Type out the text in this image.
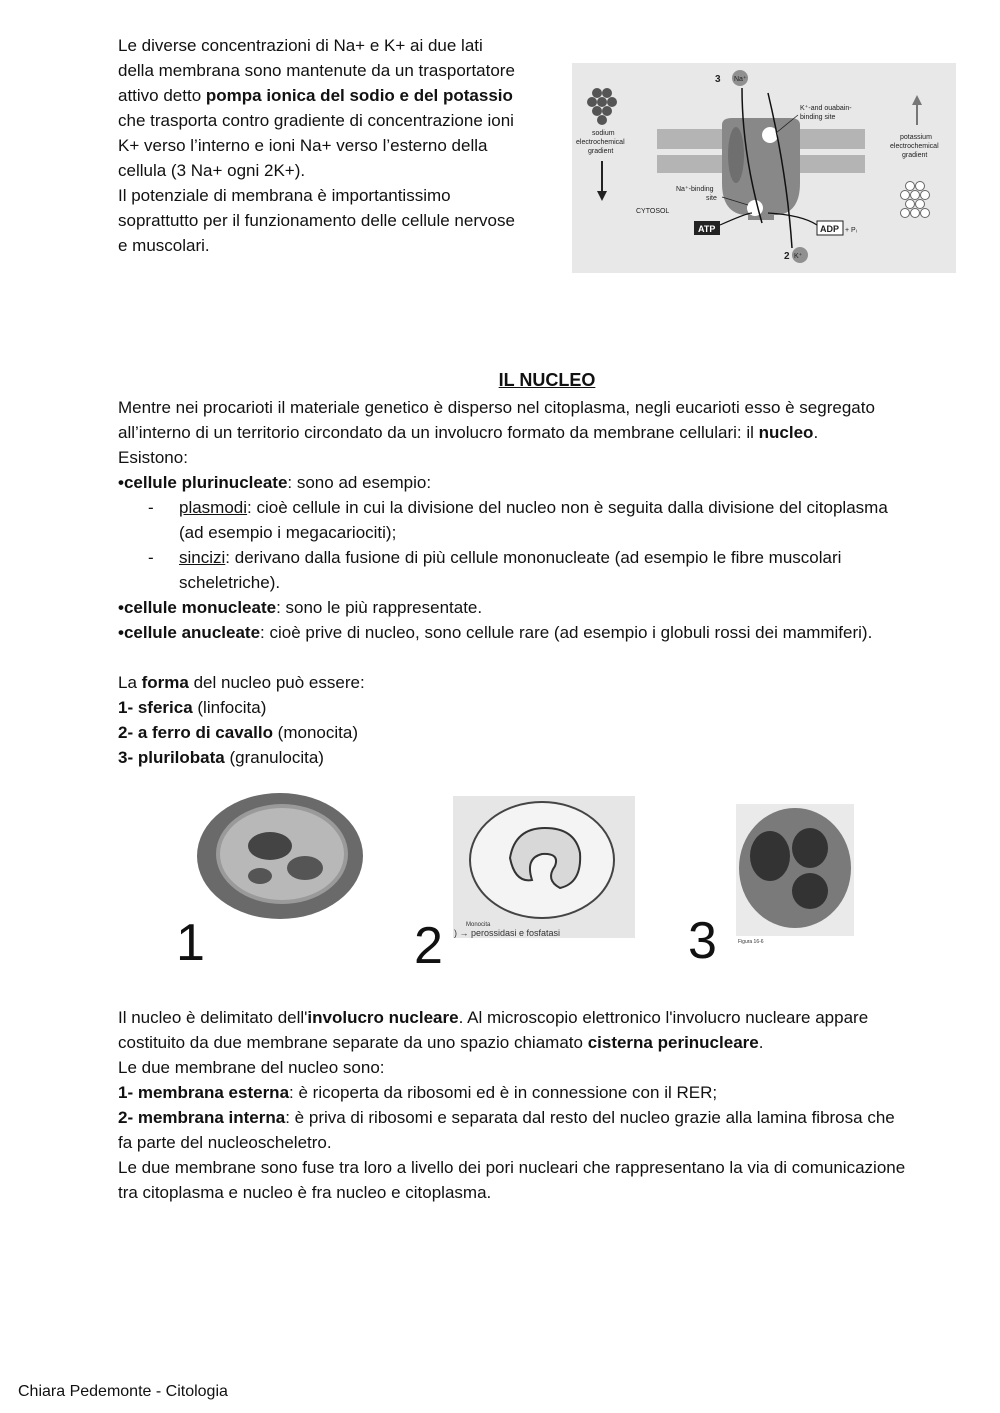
Le diverse concentrazioni di Na+ e K+ ai due lati
della membrana sono mantenute da un trasportatore
attivo detto pompa ionica del sodio e del potassio
che trasporta contro gradiente di concentrazione ioni
K+ verso l’interno e ioni Na+ verso l’esterno della
cellula (3 Na+ ogni 2K+).
Il potenziale di membrana è importantissimo
soprattutto per il funzionamento delle cellule nervose
e muscolari.
3 Na⁺
2 K⁺
sodium
electrochemical
gradient
potassium
electrochemical
gradient
K⁺-and ouabain-
binding site
Na⁺-binding
site
CYTOSOL
ATP	ADP + Pᵢ
IL NUCLEO
Mentre nei procarioti il materiale genetico è disperso nel citoplasma, negli eucarioti esso è segregato
all’interno di un territorio circondato da un involucro formato da membrane cellulari: il nucleo.
Esistono:
•cellule plurinucleate: sono ad esempio:
- plasmodi: cioè cellule in cui la divisione del nucleo non è seguita dalla divisione del citoplasma
(ad esempio i megacariociti);
- sincizi: derivano dalla fusione di più cellule mononucleate (ad esempio le fibre muscolari
scheletriche).
•cellule monucleate: sono le più rappresentate.
•cellule anucleate: cioè prive di nucleo, sono cellule rare (ad esempio i globuli rossi dei mammiferi).
La forma del nucleo può essere:
1- sferica (linfocita)
2- a ferro di cavallo (monocita)
3- plurilobata (granulocita)
1	Monocita
) → perossidasi e fosfatasi
2	Figura 16-6
3
Il nucleo è delimitato dell'involucro nucleare. Al microscopio elettronico l'involucro nucleare appare
costituito da due membrane separate da uno spazio chiamato cisterna perinucleare.
Le due membrane del nucleo sono:
1- membrana esterna: è ricoperta da ribosomi ed è in connessione con il RER;
2- membrana interna: è priva di ribosomi e separata dal resto del nucleo grazie alla lamina fibrosa che
fa parte del nucleoscheletro.
Le due membrane sono fuse tra loro a livello dei pori nucleari che rappresentano la via di comunicazione
tra citoplasma e nucleo è fra nucleo e citoplasma.
Chiara Pedemonte - Citologia
